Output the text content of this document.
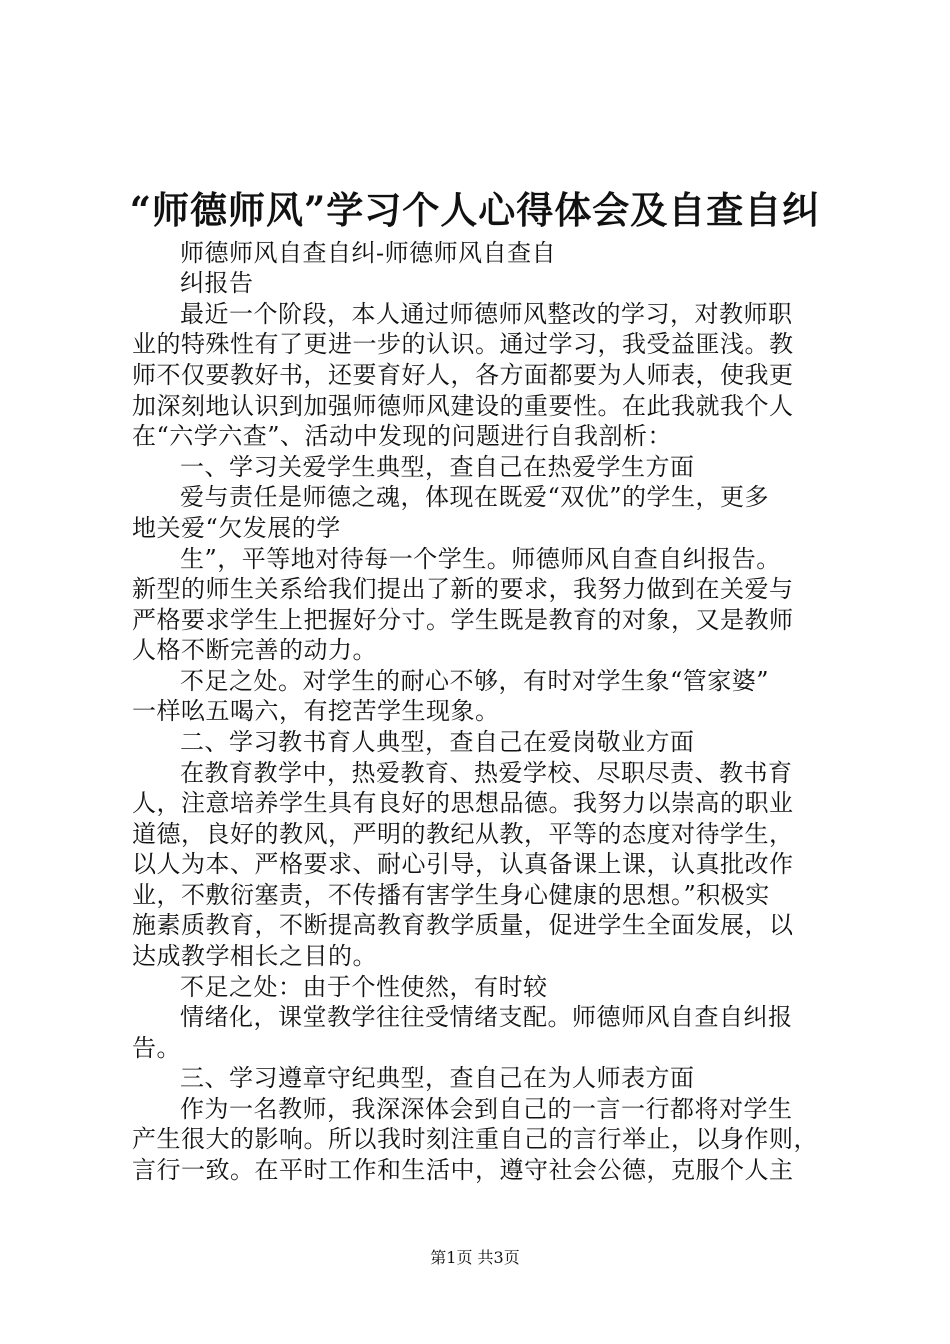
“师德师风”学习个人心得体会及自查自纠
师德师风自查自纠-师德师风自查自
纠报告
最近一个阶段，本人通过师德师风整改的学习，对教师职
业的特殊性有了更进一步的认识。通过学习，我受益匪浅。教
师不仅要教好书，还要育好人，各方面都要为人师表，使我更
加深刻地认识到加强师德师风建设的重要性。在此我就我个人
在“六学六查”、活动中发现的问题进行自我剖析：
一、学习关爱学生典型，查自己在热爱学生方面
爱与责任是师德之魂，体现在既爱“双优”的学生，更多
地关爱“欠发展的学
生”，平等地对待每一个学生。师德师风自查自纠报告。
新型的师生关系给我们提出了新的要求，我努力做到在关爱与
严格要求学生上把握好分寸。学生既是教育的对象，又是教师
人格不断完善的动力。
不足之处。对学生的耐心不够，有时对学生象“管家婆”
一样吆五喝六，有挖苦学生现象。
二、学习教书育人典型，查自己在爱岗敬业方面
在教育教学中，热爱教育、热爱学校、尽职尽责、教书育
人，注意培养学生具有良好的思想品德。我努力以崇高的职业
道德，良好的教风，严明的教纪从教，平等的态度对待学生，
以人为本、严格要求、耐心引导，认真备课上课，认真批改作
业，不敷衍塞责，不传播有害学生身心健康的思想。”积极实
施素质教育，不断提高教育教学质量，促进学生全面发展，以
达成教学相长之目的。
不足之处：由于个性使然，有时较
情绪化，课堂教学往往受情绪支配。师德师风自查自纠报
告。
三、学习遵章守纪典型，查自己在为人师表方面
作为一名教师，我深深体会到自己的一言一行都将对学生
产生很大的影响。所以我时刻注重自己的言行举止，以身作则，
言行一致。在平时工作和生活中，遵守社会公德，克服个人主
第1页 共3页
